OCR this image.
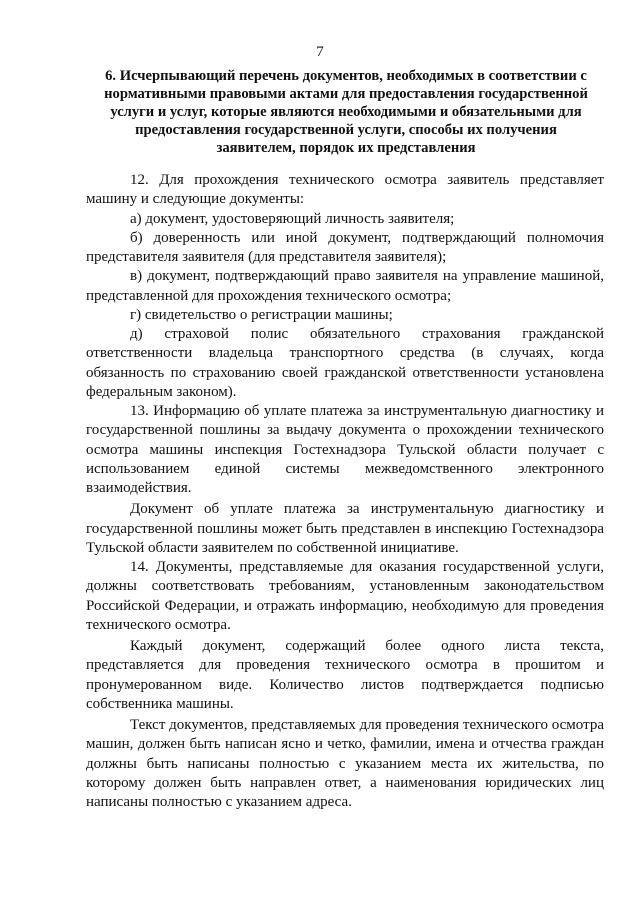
7
6. Исчерпывающий перечень документов, необходимых в соответствии с
нормативными правовыми актами для предоставления государственной
услуги и услуг, которые являются необходимыми и обязательными для
предоставления государственной услуги, способы их получения
заявителем, порядок их представления

12. Для прохождения технического осмотра заявитель представляет машину и следующие документы:

а) документ, удостоверяющий личность заявителя;

б) доверенность или иной документ, подтверждающий полномочия представителя заявителя (для представителя заявителя);

в) документ, подтверждающий право заявителя на управление машиной, представленной для прохождения технического осмотра;

г) свидетельство о регистрации машины;

д) страховой полис обязательного страхования гражданской ответственности владельца транспортного средства (в случаях, когда обязанность по страхованию своей гражданской ответственности установлена федеральным законом).

13. Информацию об уплате платежа за инструментальную диагностику и государственной пошлины за выдачу документа о прохождении технического осмотра машины инспекция Гостехнадзора Тульской области получает с использованием единой системы межведомственного электронного взаимодействия.

Документ об уплате платежа за инструментальную диагностику и государственной пошлины может быть представлен в инспекцию Гостехнадзора Тульской области заявителем по собственной инициативе.

14. Документы, представляемые для оказания государственной услуги, должны соответствовать требованиям, установленным законодательством Российской Федерации, и отражать информацию, необходимую для проведения технического осмотра.

Каждый документ, содержащий более одного листа текста, представляется для проведения технического осмотра в прошитом и пронумерованном виде. Количество листов подтверждается подписью собственника машины.

Текст документов, представляемых для проведения технического осмотра машин, должен быть написан ясно и четко, фамилии, имена и отчества граждан должны быть написаны полностью с указанием места их жительства, по которому должен быть направлен ответ, а наименования юридических лиц написаны полностью с указанием адреса.
